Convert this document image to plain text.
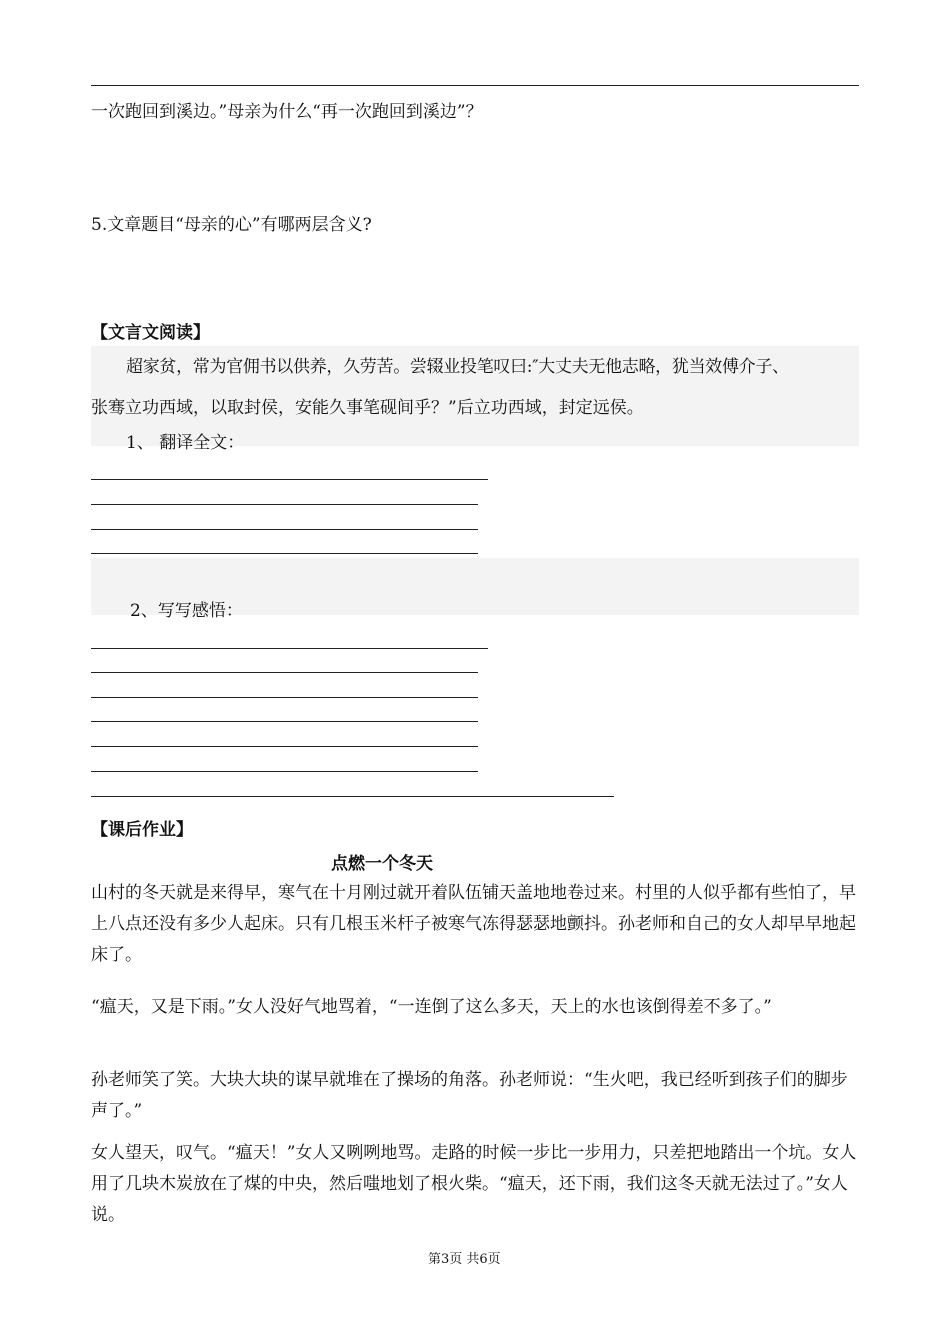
一次跑回到溪边。”母亲为什么“再一次跑回到溪边”？
5.文章题目“母亲的心”有哪两层含义?
【文言文阅读】
超家贫，常为官佣书以供养，久劳苦。尝辍业投笔叹曰:″大丈夫无他志略，犹当效傅介子、
张骞立功西域，以取封侯，安能久事笔砚间乎？”后立功西域，封定远侯。
1、 翻译全文：
2、写写感悟：
【课后作业】
点燃一个冬天
山村的冬天就是来得早，寒气在十月刚过就开着队伍铺天盖地地卷过来。村里的人似乎都有些怕了，早上八点还没有多少人起床。只有几根玉米杆子被寒气冻得瑟瑟地颤抖。孙老师和自己的女人却早早地起床了。
“瘟天，又是下雨。”女人没好气地骂着，“一连倒了这么多天，天上的水也该倒得差不多了。”
孙老师笑了笑。大块大块的谋早就堆在了操场的角落。孙老师说：“生火吧，我已经听到孩子们的脚步声了。”
女人望天，叹气。“瘟天！”女人又咧咧地骂。走路的时候一步比一步用力，只差把地踏出一个坑。女人用了几块木炭放在了煤的中央，然后嗤地划了根火柴。“瘟天，还下雨，我们这冬天就无法过了。”女人说。
第3页 共6页
